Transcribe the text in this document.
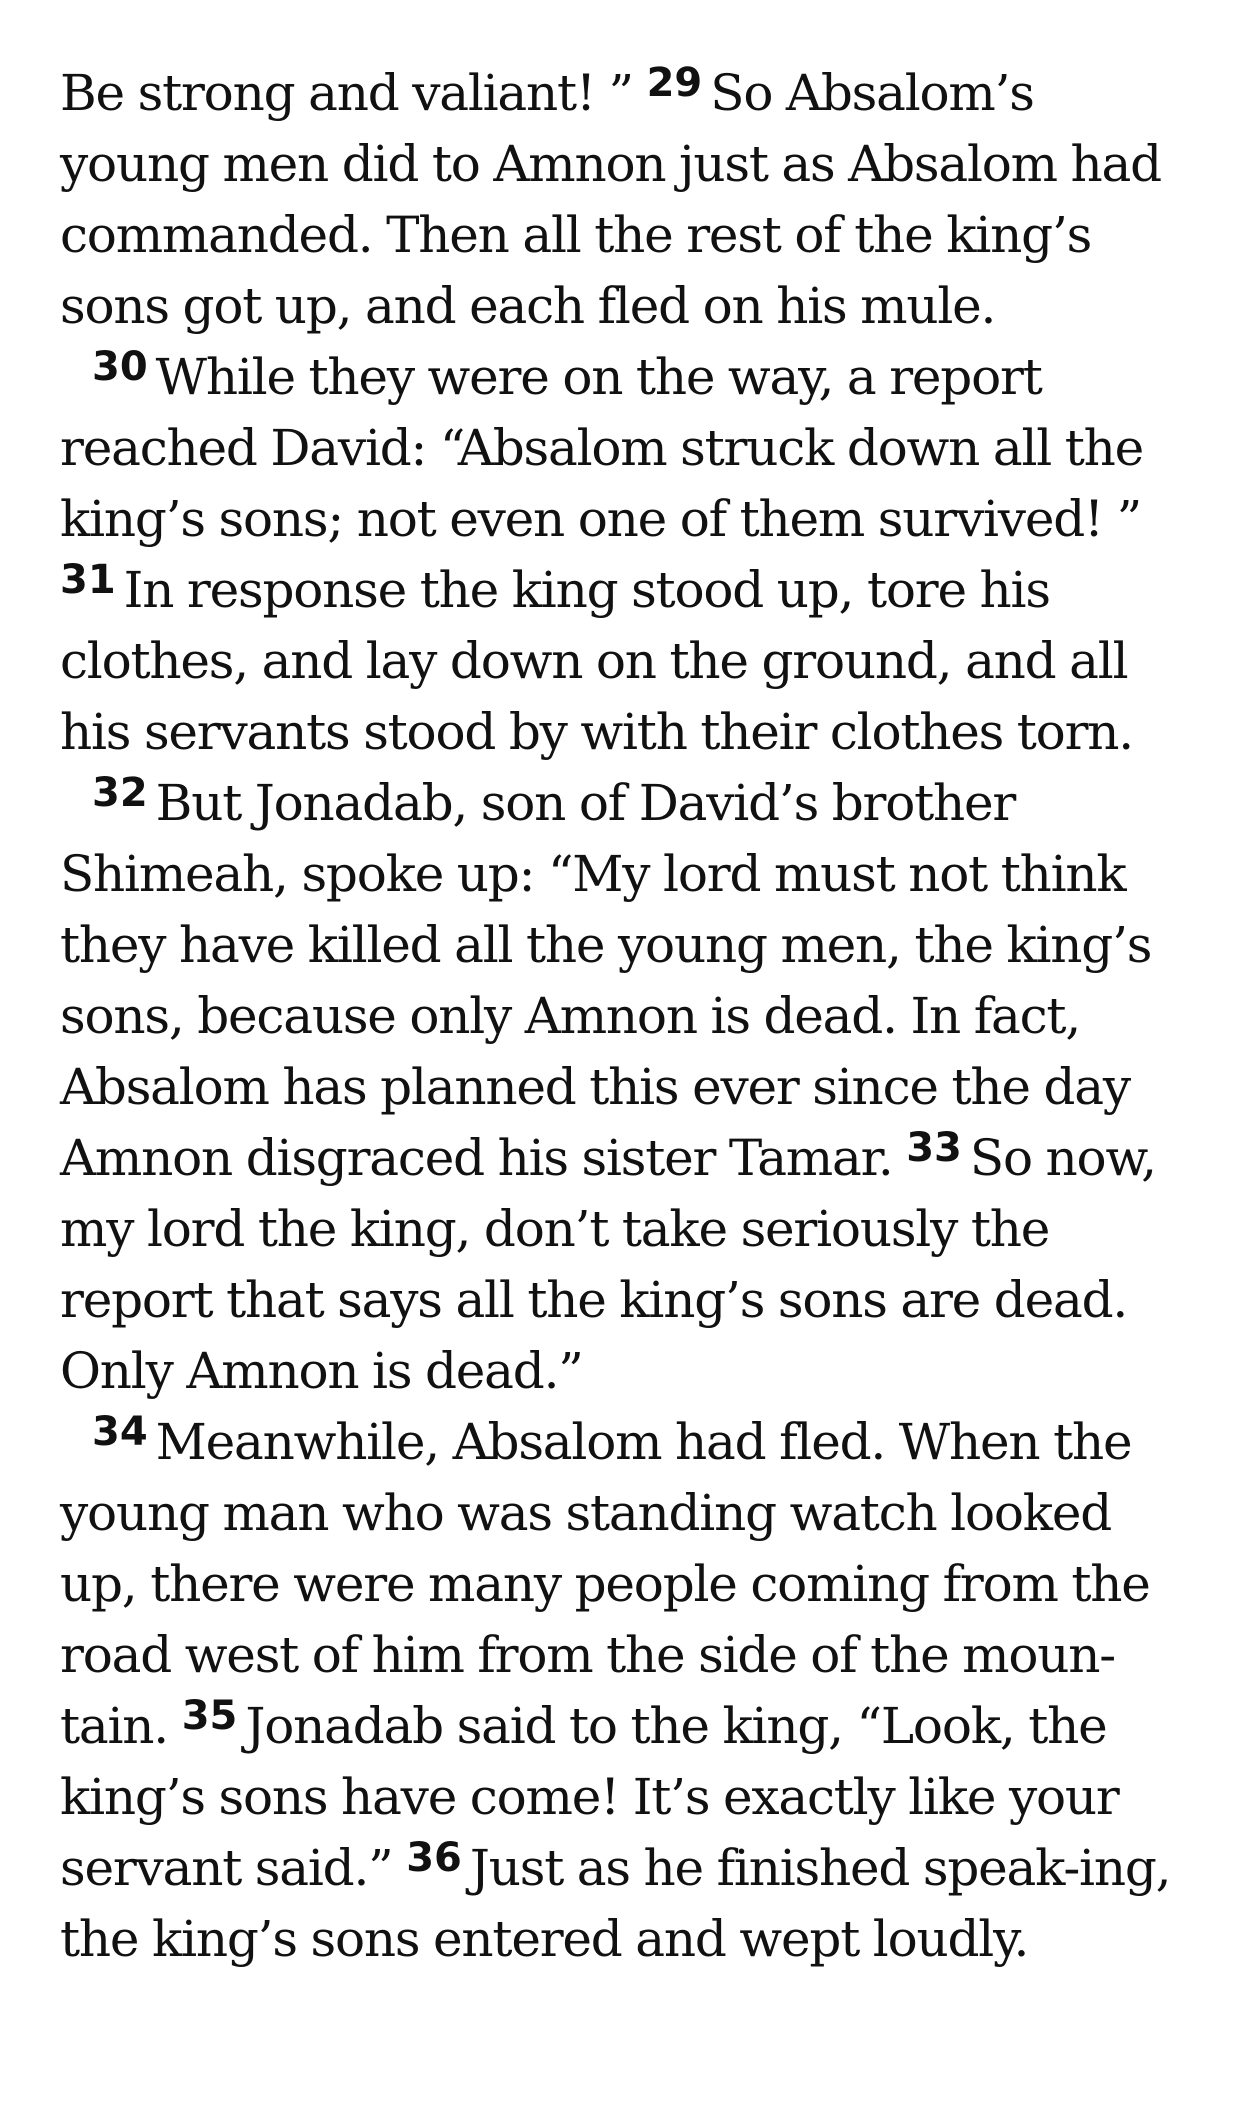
Be strong and valiant! ” $^{29}$ So Absalom’s young men did to Amnon just as Absalom had commanded. Then all the rest of the king’s sons got up, and each fled on his mule.

$^{30}$ While they were on the way, a report reached David: “Absalom struck down all the king’s sons; not even one of them survived! ” $^{31}$ In response the king stood up, tore his clothes, and lay down on the ground, and all his servants stood by with their clothes torn.

$^{32}$ But Jonadab, son of David’s brother Shimeah, spoke up: “My lord must not think they have killed all the young men, the king’s sons, because only Amnon is dead. In fact, Absalom has planned this ever since the day Amnon disgraced his sister Tamar. $^{33}$ So now, my lord the king, don’t take seriously the report that says all the king’s sons are dead. Only Amnon is dead.”

$^{34}$ Meanwhile, Absalom had fled. When the young man who was standing watch looked up, there were many people coming from the road west of him from the side of the moun-tain. $^{35}$ Jonadab said to the king, “Look, the king’s sons have come! It’s exactly like your servant said.” $^{36}$ Just as he finished speak-ing, the king’s sons entered and wept loudly.
